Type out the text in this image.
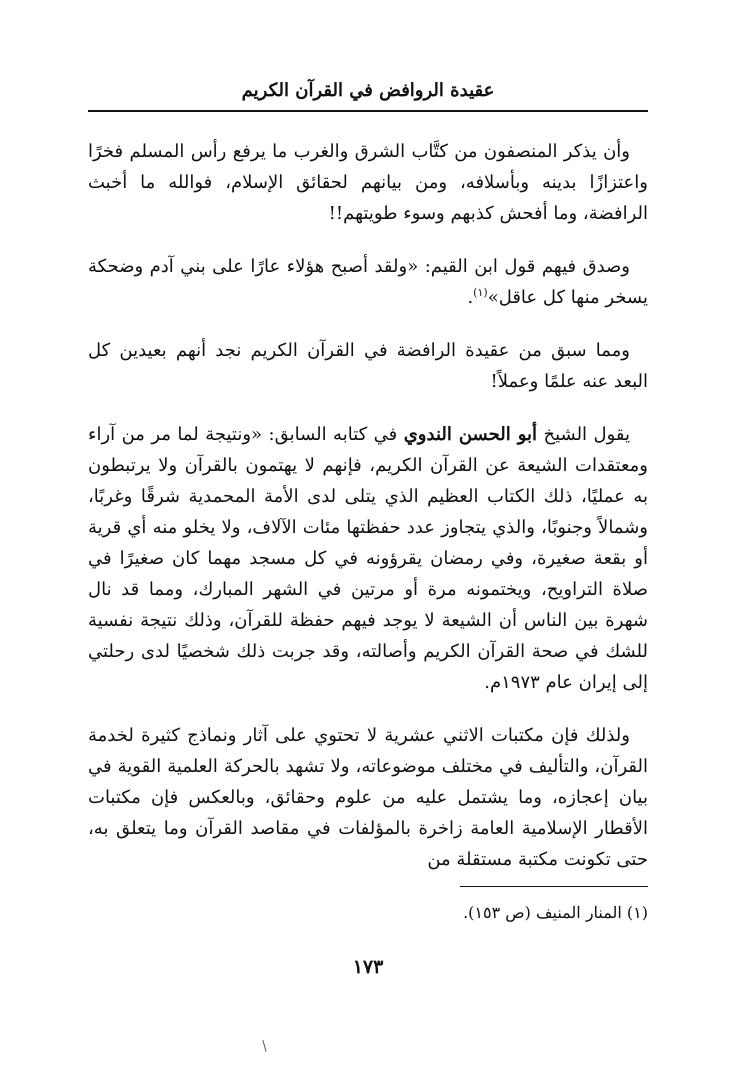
عقيدة الروافض في القرآن الكريم

وأن يذكر المنصفون من كتَّاب الشرق والغرب ما يرفع رأس المسلم فخرًا واعتزازًا بدينه وبأسلافه، ومن بيانهم لحقائق الإسلام، فوالله ما أخبث الرافضة، وما أفحش كذبهم وسوء طويتهم!!

وصدق فيهم قول ابن القيم: «ولقد أصبح هؤلاء عارًا على بني آدم وضحكة يسخر منها كل عاقل»$^{(١)}$.

ومما سبق من عقيدة الرافضة في القرآن الكريم نجد أنهم بعيدين كل البعد عنه علمًا وعملاً!

يقول الشيخ أبو الحسن الندوي في كتابه السابق: «ونتيجة لما مر من آراء ومعتقدات الشيعة عن القرآن الكريم، فإنهم لا يهتمون بالقرآن ولا يرتبطون به عمليًا، ذلك الكتاب العظيم الذي يتلى لدى الأمة المحمدية شرقًا وغربًا، وشمالاً وجنوبًا، والذي يتجاوز عدد حفظتها مئات الآلاف، ولا يخلو منه أي قرية أو بقعة صغيرة، وفي رمضان يقرؤونه في كل مسجد مهما كان صغيرًا في صلاة التراويح، ويختمونه مرة أو مرتين في الشهر المبارك، ومما قد نال شهرة بين الناس أن الشيعة لا يوجد فيهم حفظة للقرآن، وذلك نتيجة نفسية للشك في صحة القرآن الكريم وأصالته، وقد جربت ذلك شخصيًا لدى رحلتي إلى إيران عام ١٩٧٣م.

ولذلك فإن مكتبات الاثني عشرية لا تحتوي على آثار ونماذج كثيرة لخدمة القرآن، والتأليف في مختلف موضوعاته، ولا تشهد بالحركة العلمية القوية في بيان إعجازه، وما يشتمل عليه من علوم وحقائق، وبالعكس فإن مكتبات الأقطار الإسلامية العامة زاخرة بالمؤلفات في مقاصد القرآن وما يتعلق به، حتى تكونت مكتبة مستقلة من

(١) المنار المنيف (ص ١٥٣).
١٧٣
